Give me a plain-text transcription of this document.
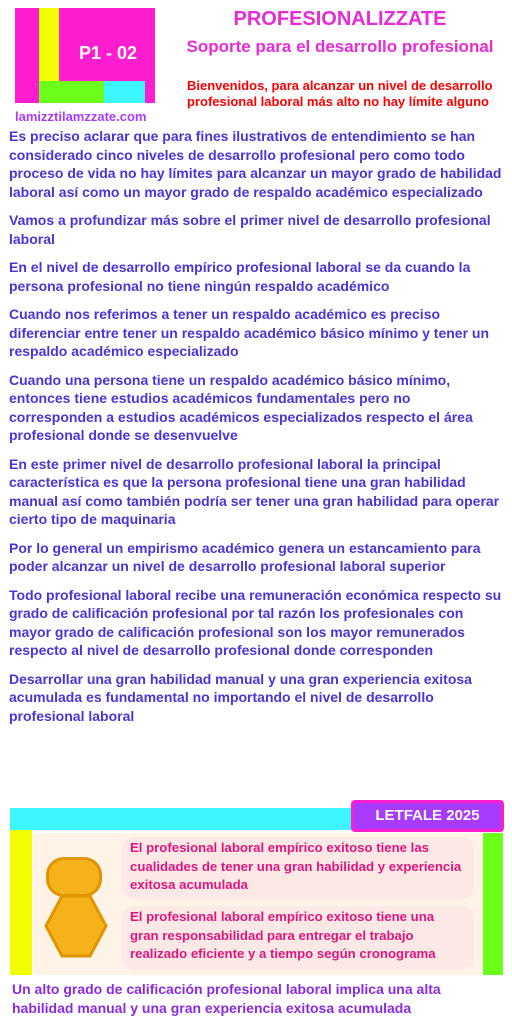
P1 - 02
lamizztilamzzate.com
PROFESIONALIZZATE
Soporte para el desarrollo profesional
Bienvenidos, para alcanzar un nivel de desarrollo profesional laboral más alto no hay límite alguno

Es preciso aclarar que para fines ilustrativos de entendimiento se han considerado cinco niveles de desarrollo profesional pero como todo proceso de vida no hay límites para alcanzar un mayor grado de habilidad laboral así como un mayor grado de respaldo académico especializado

Vamos a profundizar más sobre el primer nivel de desarrollo profesional laboral

En el nivel de desarrollo empírico profesional laboral se da cuando la persona profesional no tiene ningún respaldo académico

Cuando nos referimos a tener un respaldo académico es preciso diferenciar entre tener un respaldo académico básico mínimo y tener un respaldo académico especializado

Cuando una persona tiene un respaldo académico básico mínimo, entonces tiene estudios académicos fundamentales pero no corresponden a estudios académicos especializados respecto el área profesional donde se desenvuelve

En este primer nivel de desarrollo profesional laboral la principal característica es que la persona profesional tiene una gran habilidad manual así como también podría ser tener una gran habilidad para operar cierto tipo de maquinaria

Por lo general un empirismo académico genera un estancamiento para poder alcanzar un nivel de desarrollo profesional laboral superior

Todo profesional laboral recibe una remuneración económica respecto su grado de calificación profesional por tal razón los profesionales con mayor grado de calificación profesional son los mayor remunerados respecto al nivel de desarrollo profesional donde corresponden

Desarrollar una gran habilidad manual y una gran experiencia exitosa acumulada es fundamental no importando el nivel de desarrollo profesional laboral

LETFALE 2025

El profesional laboral empírico exitoso tiene las cualidades de tener una gran habilidad y experiencia exitosa acumulada

El profesional laboral empírico exitoso tiene una gran responsabilidad para entregar el trabajo realizado eficiente y a tiempo según cronograma

Un alto grado de calificación profesional laboral implica una alta habilidad manual y una gran experiencia exitosa acumulada
